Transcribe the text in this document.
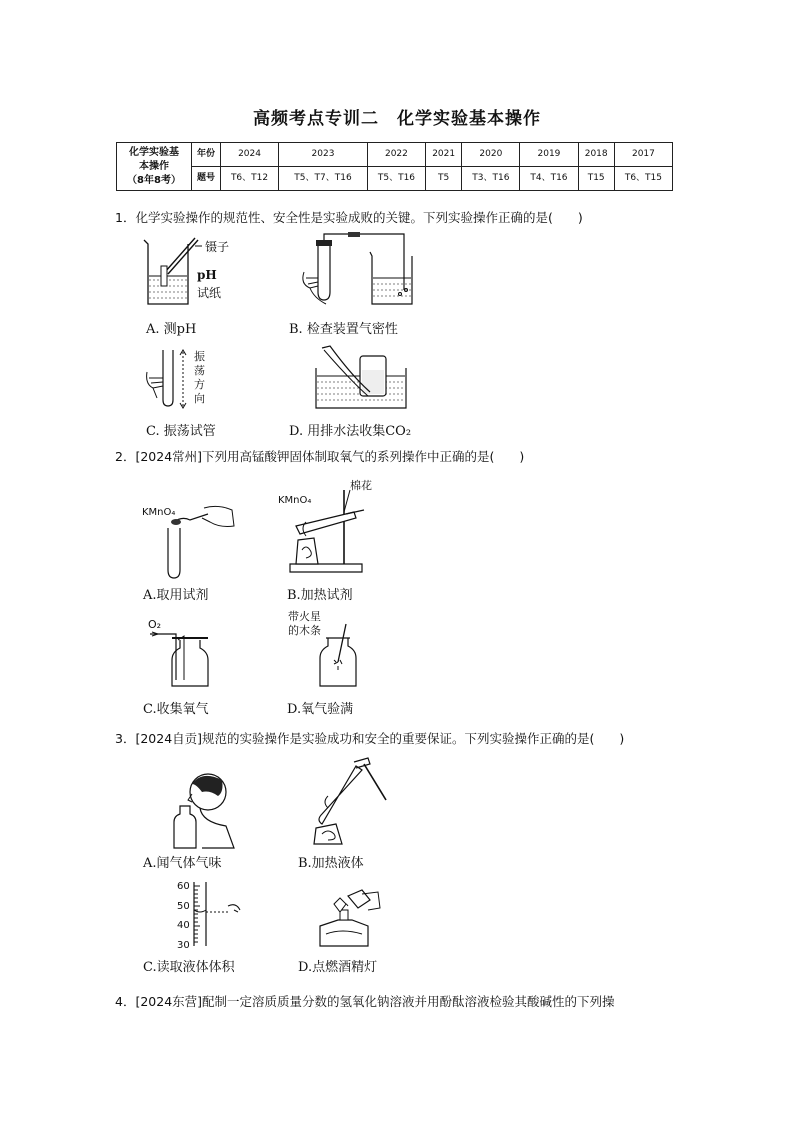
高频考点专训二　化学实验基本操作
化学实验基
本操作
（8年8考）	年份	2024	2023	2022	2021	2020	2019	2018	2017
	题号	T6、T12	T5、T7、T16	T5、T16	T5	T3、T16	T4、T16	T15	T6、T15
1．化学实验操作的规范性、安全性是实验成败的关键。下列实验操作正确的是(　　)
镊子
pH
试纸
A. 测pH	B. 检查装置气密性
振
荡
方
向
C. 振荡试管	D. 用排水法收集CO₂
2．[2024常州]下列用高锰酸钾固体制取氧气的系列操作中正确的是(　　)
KMnO₄
A.取用试剂
KMnO₄
棉花
B.加热试剂
O₂
C.收集氧气
带火星
的木条
D.氧气验满
3．[2024自贡]规范的实验操作是实验成功和安全的重要保证。下列实验操作正确的是(　　)
A.闻气体气味	B.加热液体
60
50
40
30
C.读取液体体积	D.点燃酒精灯
4．[2024东营]配制一定溶质质量分数的氢氧化钠溶液并用酚酞溶液检验其酸碱性的下列操
